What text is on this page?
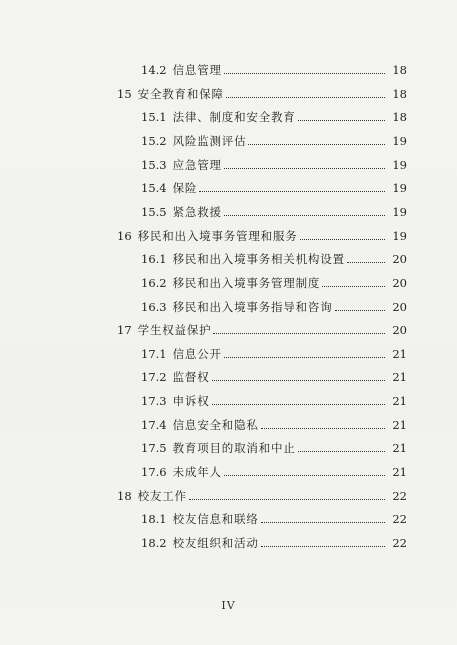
14.2 信息管理	18
15 安全教育和保障	18
15.1 法律、制度和安全教育	18
15.2 风险监测评估	19
15.3 应急管理	19
15.4 保险	19
15.5 紧急救援	19
16 移民和出入境事务管理和服务	19
16.1 移民和出入境事务相关机构设置	20
16.2 移民和出入境事务管理制度	20
16.3 移民和出入境事务指导和咨询	20
17 学生权益保护	20
17.1 信息公开	21
17.2 监督权	21
17.3 申诉权	21
17.4 信息安全和隐私	21
17.5 教育项目的取消和中止	21
17.6 未成年人	21
18 校友工作	22
18.1 校友信息和联络	22
18.2 校友组织和活动	22
IV
